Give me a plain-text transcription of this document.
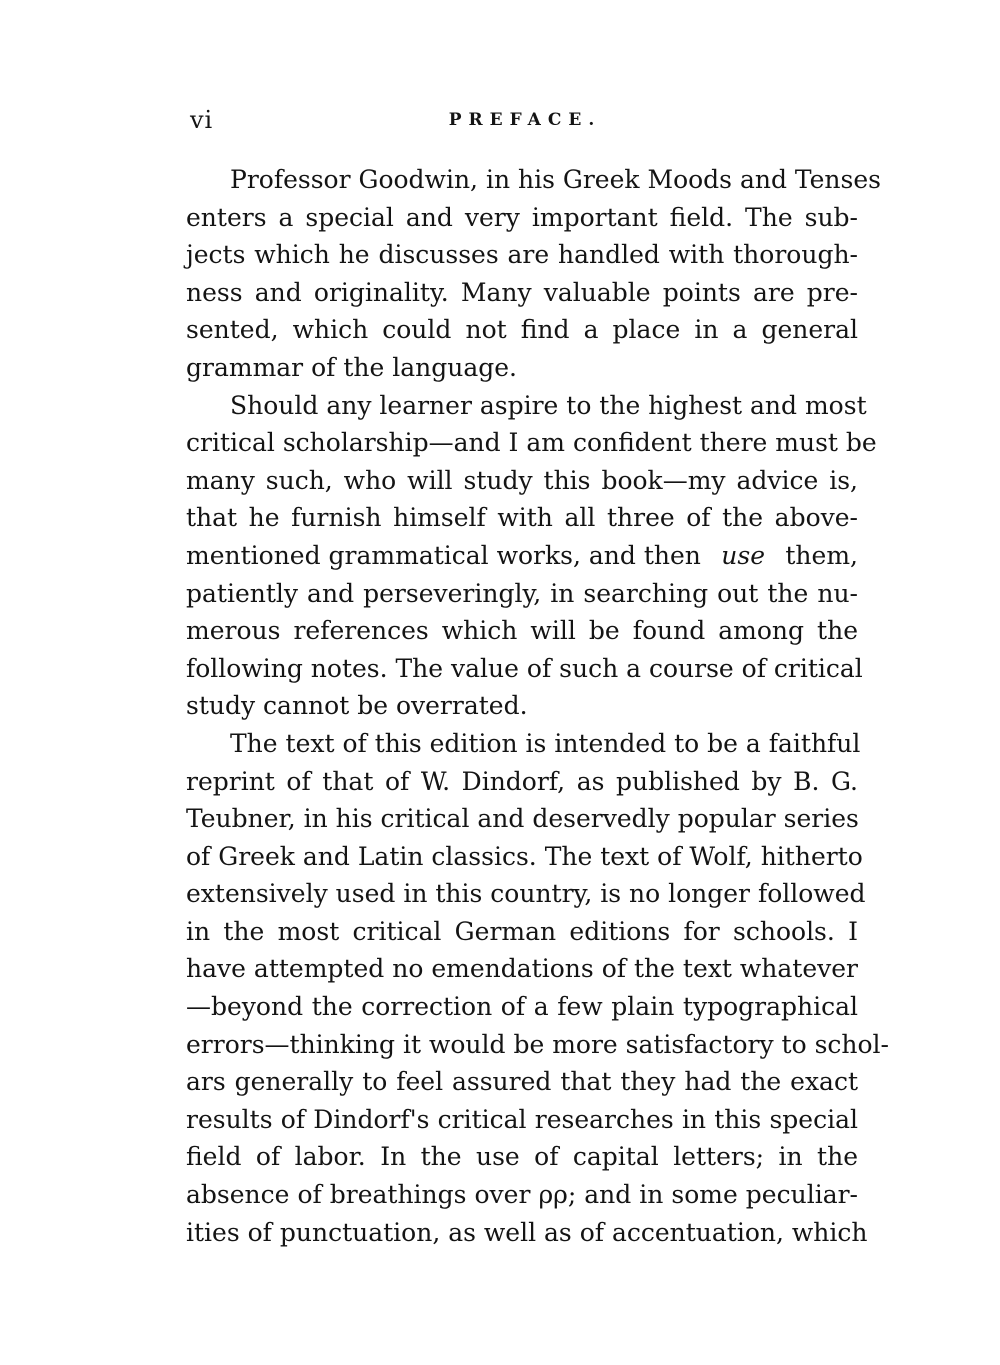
vi	PREFACE.
Professor Goodwin, in his Greek Moods and Tenses
enters a special and very important field. The sub-
jects which he discusses are handled with thorough-
ness and originality. Many valuable points are pre-
sented, which could not find a place in a general
grammar of the language.
Should any learner aspire to the highest and most
critical scholarship—and I am confident there must be
many such, who will study this book—my advice is,
that he furnish himself with all three of the above-
mentioned grammatical works, and then use them,
patiently and perseveringly, in searching out the nu-
merous references which will be found among the
following notes. The value of such a course of critical
study cannot be overrated.
The text of this edition is intended to be a faithful
reprint of that of W. Dindorf, as published by B. G.
Teubner, in his critical and deservedly popular series
of Greek and Latin classics. The text of Wolf, hitherto
extensively used in this country, is no longer followed
in the most critical German editions for schools. I
have attempted no emendations of the text whatever
—beyond the correction of a few plain typographical
errors—thinking it would be more satisfactory to schol-
ars generally to feel assured that they had the exact
results of Dindorf's critical researches in this special
field of labor. In the use of capital letters; in the
absence of breathings over ρρ; and in some peculiar-
ities of punctuation, as well as of accentuation, which
